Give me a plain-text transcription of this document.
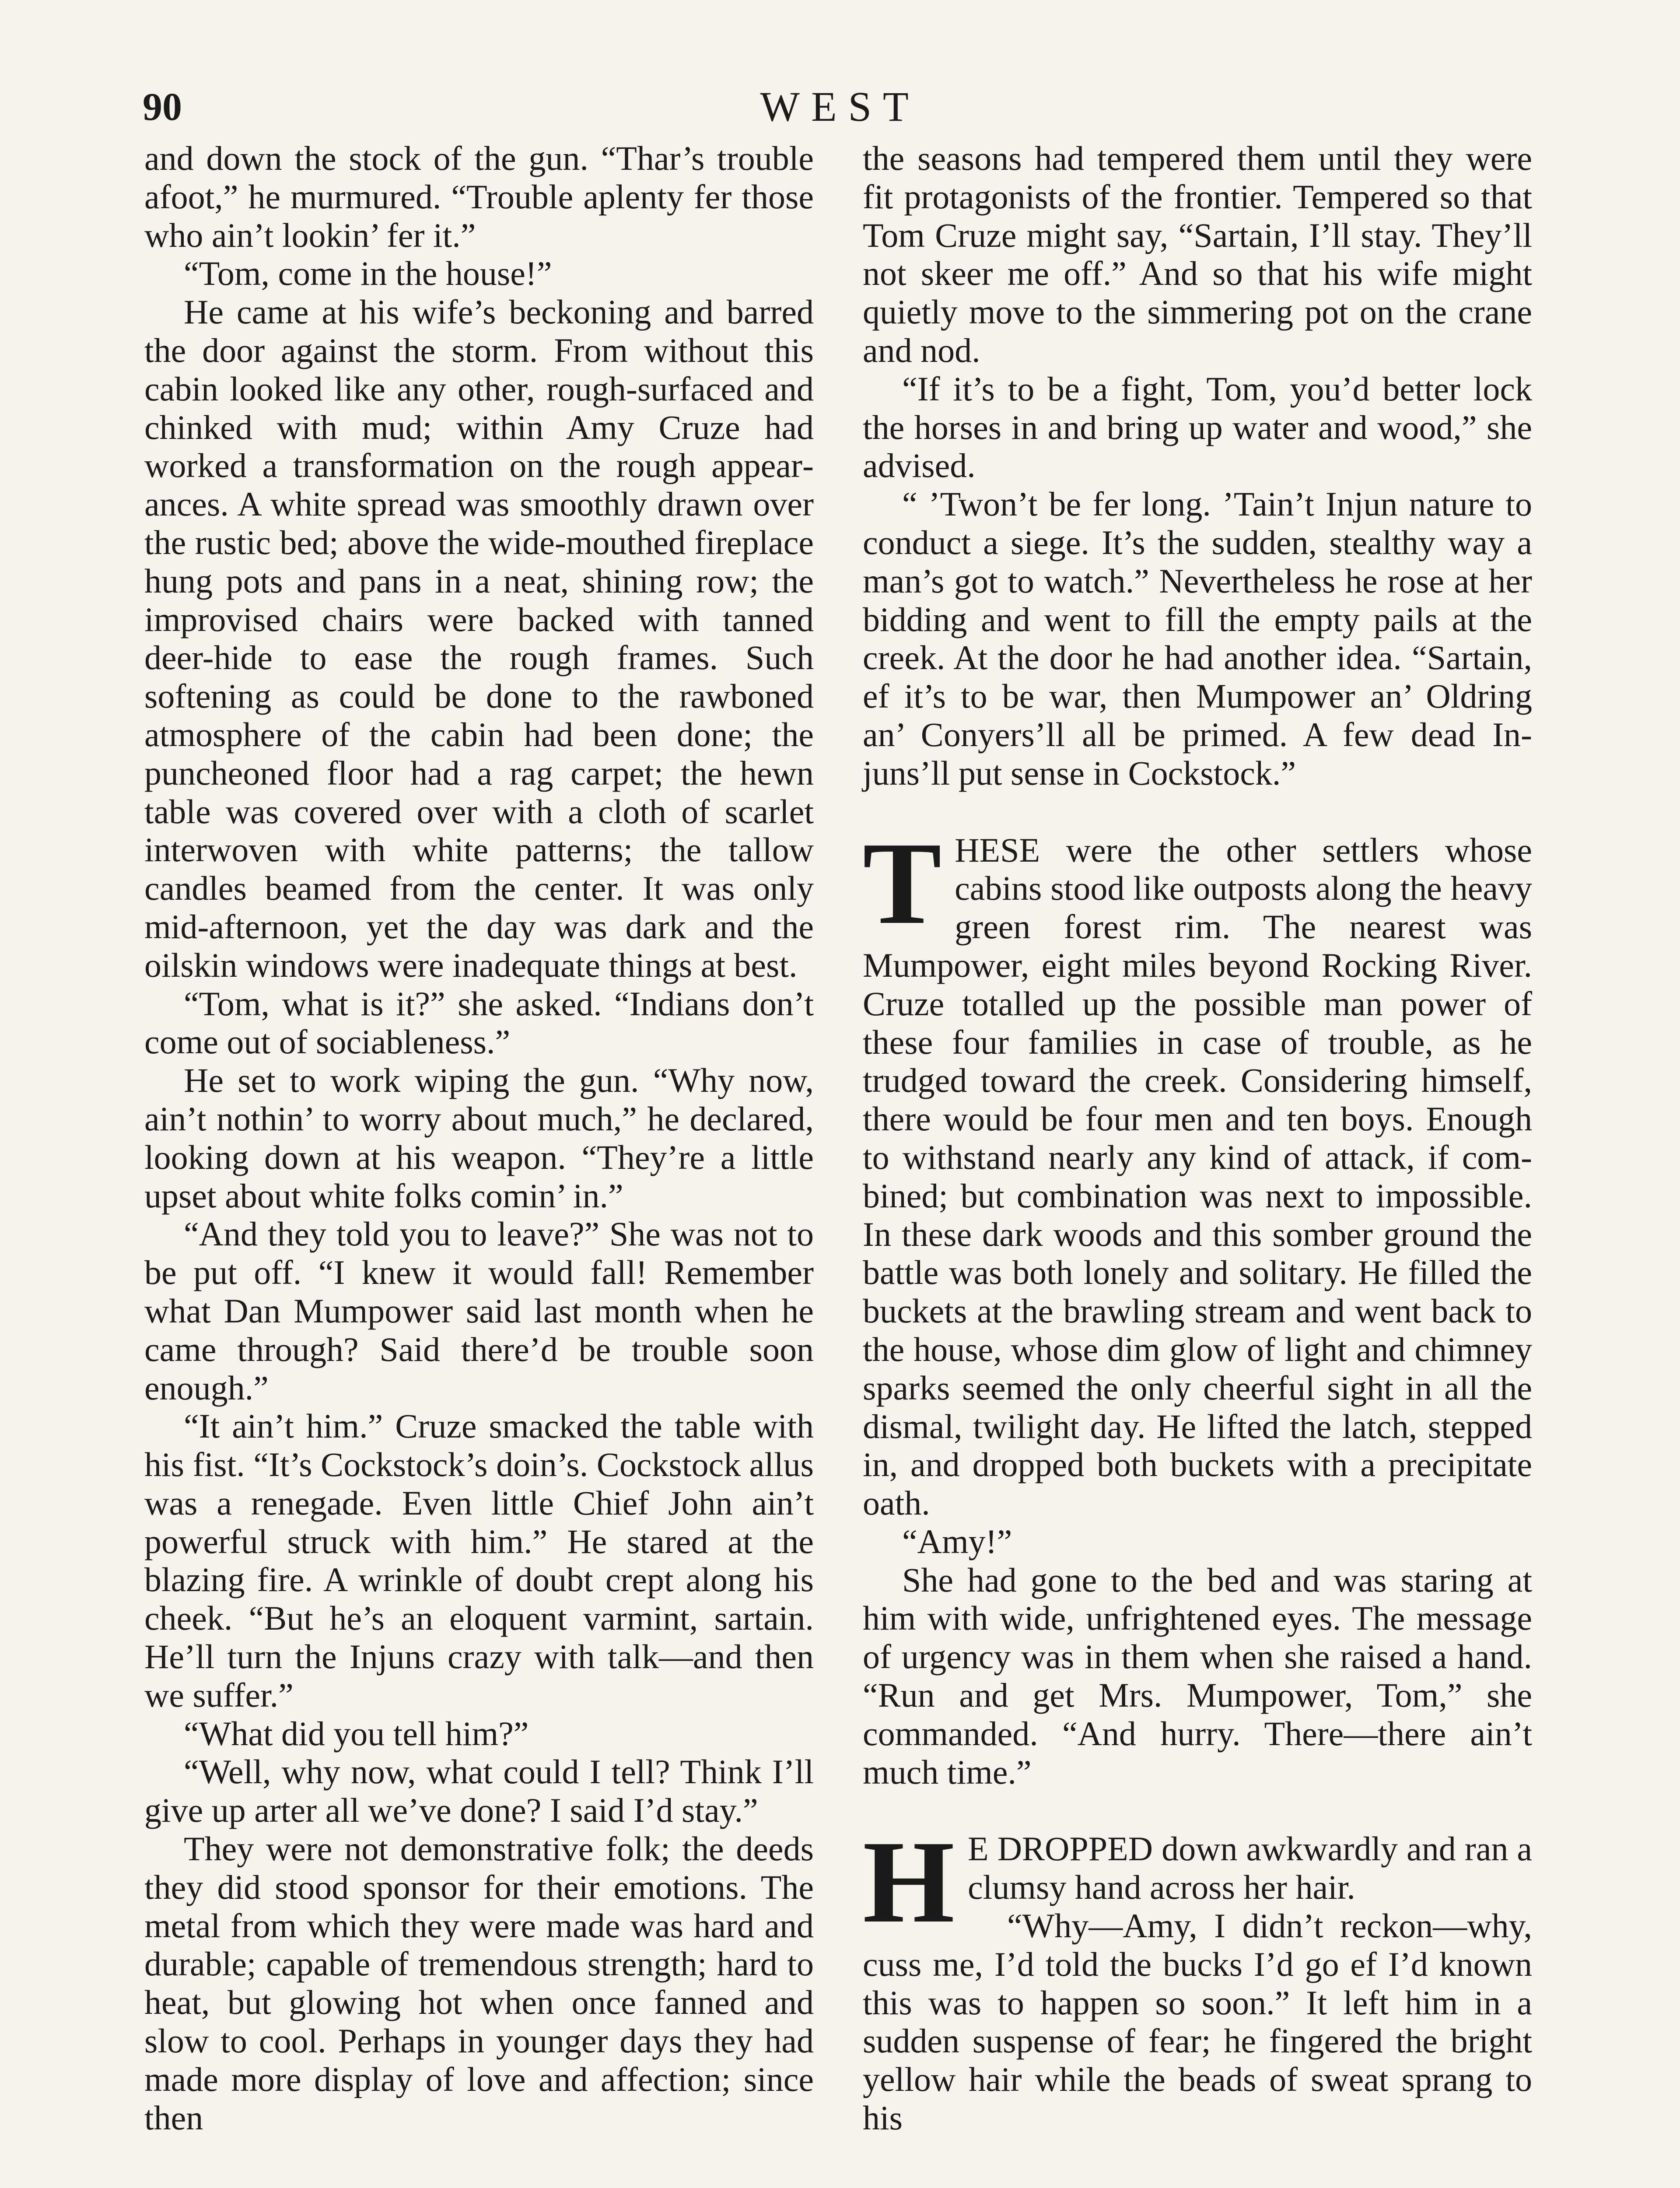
90	WEST

and down the stock of the gun. “Thar’s trouble afoot,” he murmured. “Trouble aplenty fer those who ain’t lookin’ fer it.”

“Tom, come in the house!”

He came at his wife’s beckoning and barred the door against the storm. From without this cabin looked like any other, rough-surfaced and chinked with mud; within Amy Cruze had worked a transformation on the rough appearances. A white spread was smoothly drawn over the rustic bed; above the wide-mouthed fireplace hung pots and pans in a neat, shining row; the improvised chairs were backed with tanned deer-hide to ease the rough frames. Such softening as could be done to the rawboned atmosphere of the cabin had been done; the puncheoned floor had a rag carpet; the hewn table was covered over with a cloth of scarlet interwoven with white patterns; the tallow candles beamed from the center. It was only mid-afternoon, yet the day was dark and the oilskin windows were inadequate things at best.

“Tom, what is it?” she asked. “Indians don’t come out of sociableness.”

He set to work wiping the gun. “Why now, ain’t nothin’ to worry about much,” he declared, looking down at his weapon. “They’re a little upset about white folks comin’ in.”

“And they told you to leave?” She was not to be put off. “I knew it would fall! Remember what Dan Mumpower said last month when he came through? Said there’d be trouble soon enough.”

“It ain’t him.” Cruze smacked the table with his fist. “It’s Cockstock’s doin’s. Cockstock allus was a renegade. Even little Chief John ain’t powerful struck with him.” He stared at the blazing fire. A wrinkle of doubt crept along his cheek. “But he’s an eloquent varmint, sartain. He’ll turn the Injuns crazy with talk—and then we suffer.”

“What did you tell him?”

“Well, why now, what could I tell? Think I’ll give up arter all we’ve done? I said I’d stay.”

They were not demonstrative folk; the deeds they did stood sponsor for their emotions. The metal from which they were made was hard and durable; capable of tremendous strength; hard to heat, but glowing hot when once fanned and slow to cool. Perhaps in younger days they had made more display of love and affection; since then

the seasons had tempered them until they were fit protagonists of the frontier. Tempered so that Tom Cruze might say, “Sartain, I’ll stay. They’ll not skeer me off.” And so that his wife might quietly move to the simmering pot on the crane and nod.

“If it’s to be a fight, Tom, you’d better lock the horses in and bring up water and wood,” she advised.

“ ’Twon’t be fer long. ’Tain’t Injun nature to conduct a siege. It’s the sudden, stealthy way a man’s got to watch.” Nevertheless he rose at her bidding and went to fill the empty pails at the creek. At the door he had another idea. “Sartain, ef it’s to be war, then Mumpower an’ Oldring an’ Conyers’ll all be primed. A few dead Injuns’ll put sense in Cockstock.”

THESE were the other settlers whose cabins stood like outposts along the heavy green forest rim. The nearest was Mumpower, eight miles beyond Rocking River. Cruze totalled up the possible man power of these four families in case of trouble, as he trudged toward the creek. Considering himself, there would be four men and ten boys. Enough to withstand nearly any kind of attack, if combined; but combination was next to impossible. In these dark woods and this somber ground the battle was both lonely and solitary. He filled the buckets at the brawling stream and went back to the house, whose dim glow of light and chimney sparks seemed the only cheerful sight in all the dismal, twilight day. He lifted the latch, stepped in, and dropped both buckets with a precipitate oath.

“Amy!”

She had gone to the bed and was staring at him with wide, unfrightened eyes. The message of urgency was in them when she raised a hand. “Run and get Mrs. Mumpower, Tom,” she commanded. “And hurry. There—there ain’t much time.”

H E DROPPED down awkwardly and ran a clumsy hand across her hair.

“Why—Amy, I didn’t reckon—why, cuss me, I’d told the bucks I’d go ef I’d known this was to happen so soon.” It left him in a sudden suspense of fear; he fingered the bright yellow hair while the beads of sweat sprang to his
